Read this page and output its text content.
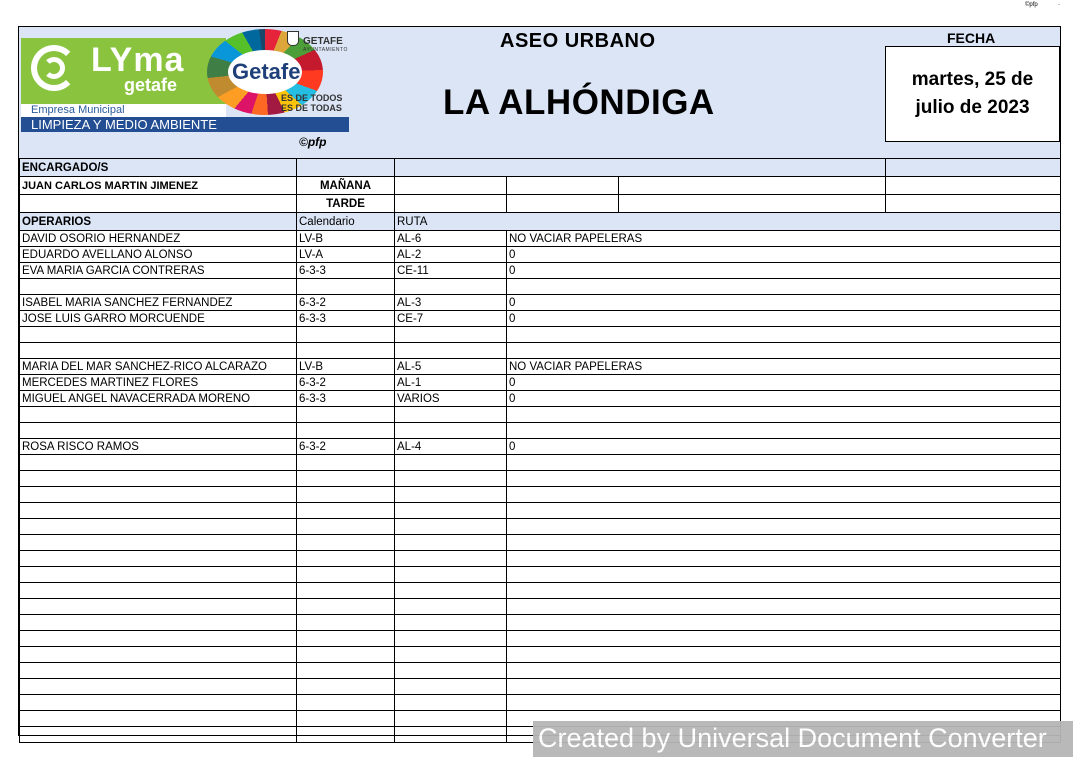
©pfp	-
LYma
getafe
Empresa Municipal
LIMPIEZA Y MEDIO AMBIENTE
Getafe
GETAFE
AYUNTAMIENTO
ES DE TODOS
ES DE TODAS
©pfp
ASEO URBANO
LA ALHÓNDIGA
FECHA
martes, 25 de julio de 2023
ENCARGADO/S					
JUAN CARLOS MARTIN JIMENEZ	MAÑANA				
	TARDE				
OPERARIOS	Calendario	RUTA			
DAVID OSORIO HERNANDEZ	LV-B	AL-6	NO VACIAR PAPELERAS		
EDUARDO AVELLANO ALONSO	LV-A	AL-2	0		
EVA MARIA GARCIA CONTRERAS	6-3-3	CE-11	0		

ISABEL MARIA SANCHEZ FERNANDEZ	6-3-2	AL-3	0		
JOSE LUIS GARRO MORCUENDE	6-3-3	CE-7	0		

MARIA DEL MAR SANCHEZ-RICO ALCARAZO	LV-B	AL-5	NO VACIAR PAPELERAS		
MERCEDES MARTINEZ FLORES	6-3-2	AL-1	0		
MIGUEL ANGEL NAVACERRADA MORENO	6-3-3	VARIOS	0		

ROSA RISCO RAMOS	6-3-2	AL-4	0		

Created by Universal Document Converter
